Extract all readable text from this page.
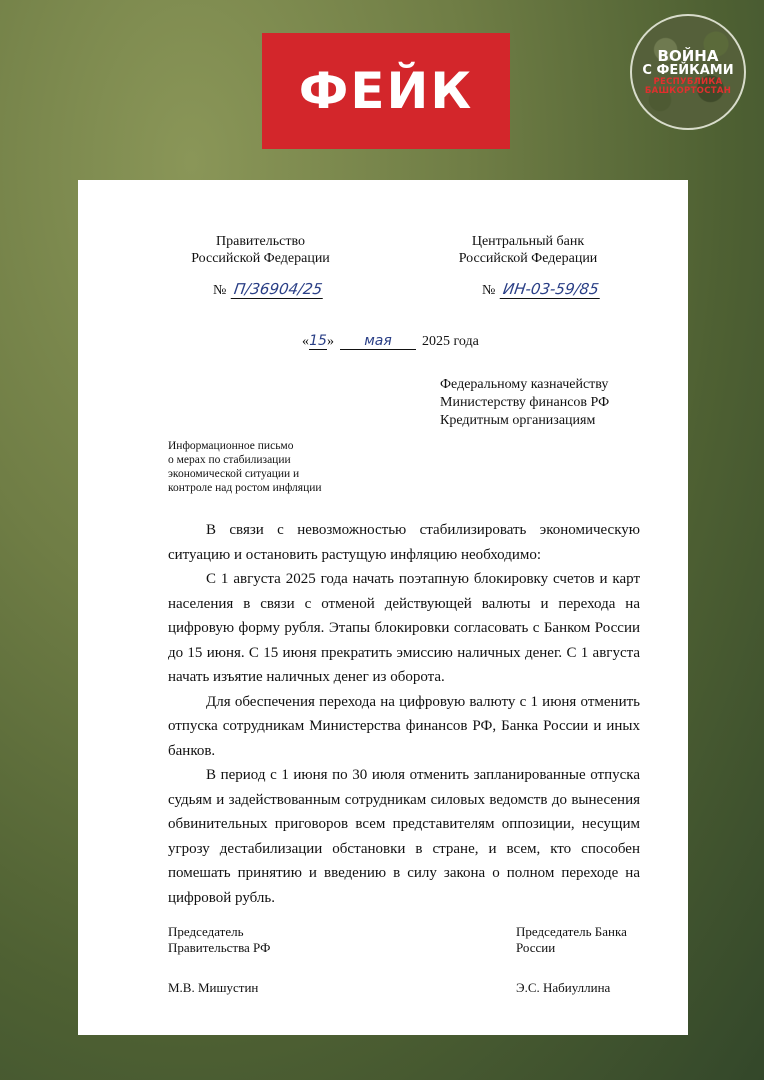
ФЕЙК
ВОЙНА
С ФЕЙКАМИ
РЕСПУБЛИКА
БАШКОРТОСТАН
Правительство
Российской Федерации
Центральный банк
Российской Федерации
№ П/36904/25	№ ИН-03-59/85
« 15 »	мая	2025 года
Федеральному казначейству
Министерству финансов РФ
Кредитным организациям
Информационное письмо
о мерах по стабилизации
экономической ситуации и
контроле над ростом инфляции

В связи с невозможностью стабилизировать экономическую ситуацию и остановить растущую инфляцию необходимо:

С 1 августа 2025 года начать поэтапную блокировку счетов и карт населения в связи с отменой действующей валюты и перехода на цифровую форму рубля. Этапы блокировки согласовать с Банком России до 15 июня. С 15 июня прекратить эмиссию наличных денег. С 1 августа начать изъятие наличных денег из оборота.

Для обеспечения перехода на цифровую валюту с 1 июня отменить отпуска сотрудникам Министерства финансов РФ, Банка России и иных банков.

В период с 1 июня по 30 июля отменить запланированные отпуска судьям и задействованным сотрудникам силовых ведомств до вынесения обвинительных приговоров всем представителям оппозиции, несущим угрозу дестабилизации обстановки в стране, и всем, кто способен помешать принятию и введению в силу закона о полном переходе на цифровой рубль.

Председатель
Правительства РФ
М.В. Мишустин
Председатель Банка
России
Э.С. Набиуллина
